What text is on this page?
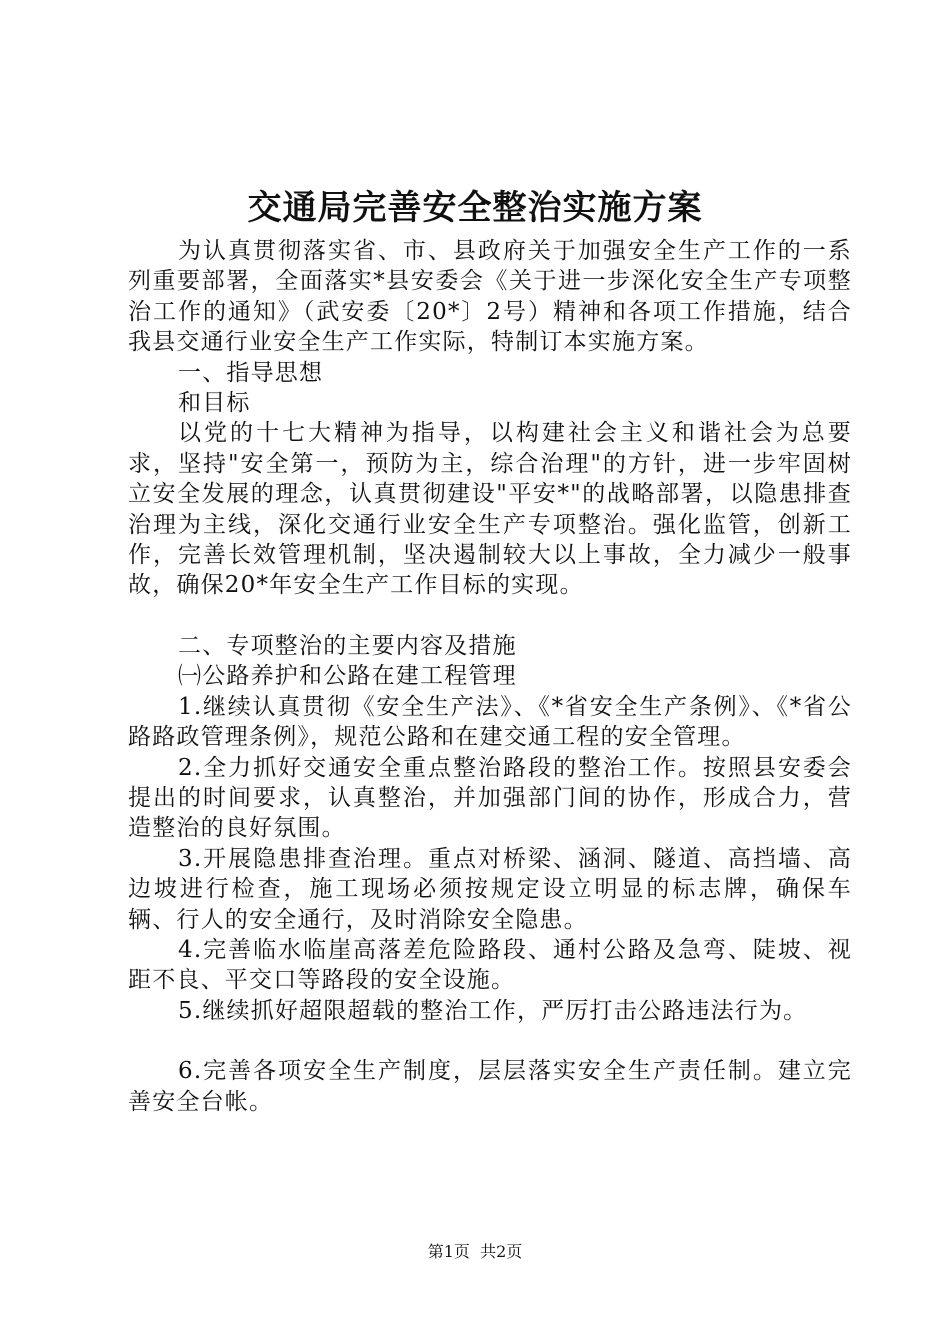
交通局完善安全整治实施方案

为认真贯彻落实省、市、县政府关于加强安全生产工作的一系列重要部署，全面落实*县安委会《关于进一步深化安全生产专项整治工作的通知》（武安委〔20*〕2号）精神和各项工作措施，结合我县交通行业安全生产工作实际，特制订本实施方案。

一、指导思想

和目标

以党的十七大精神为指导，以构建社会主义和谐社会为总要求，坚持"安全第一，预防为主，综合治理"的方针，进一步牢固树立安全发展的理念，认真贯彻建设"平安*"的战略部署，以隐患排查治理为主线，深化交通行业安全生产专项整治。强化监管，创新工作，完善长效管理机制，坚决遏制较大以上事故，全力减少一般事故，确保20*年安全生产工作目标的实现。

二、专项整治的主要内容及措施

㈠公路养护和公路在建工程管理

1.继续认真贯彻《安全生产法》、《*省安全生产条例》、《*省公路路政管理条例》，规范公路和在建交通工程的安全管理。

2.全力抓好交通安全重点整治路段的整治工作。按照县安委会提出的时间要求，认真整治，并加强部门间的协作，形成合力，营造整治的良好氛围。

3.开展隐患排查治理。重点对桥梁、涵洞、隧道、高挡墙、高边坡进行检查，施工现场必须按规定设立明显的标志牌，确保车辆、行人的安全通行，及时消除安全隐患。

4.完善临水临崖高落差危险路段、通村公路及急弯、陡坡、视距不良、平交口等路段的安全设施。

5.继续抓好超限超载的整治工作，严厉打击公路违法行为。

6.完善各项安全生产制度，层层落实安全生产责任制。建立完善安全台帐。

第1页 共2页
